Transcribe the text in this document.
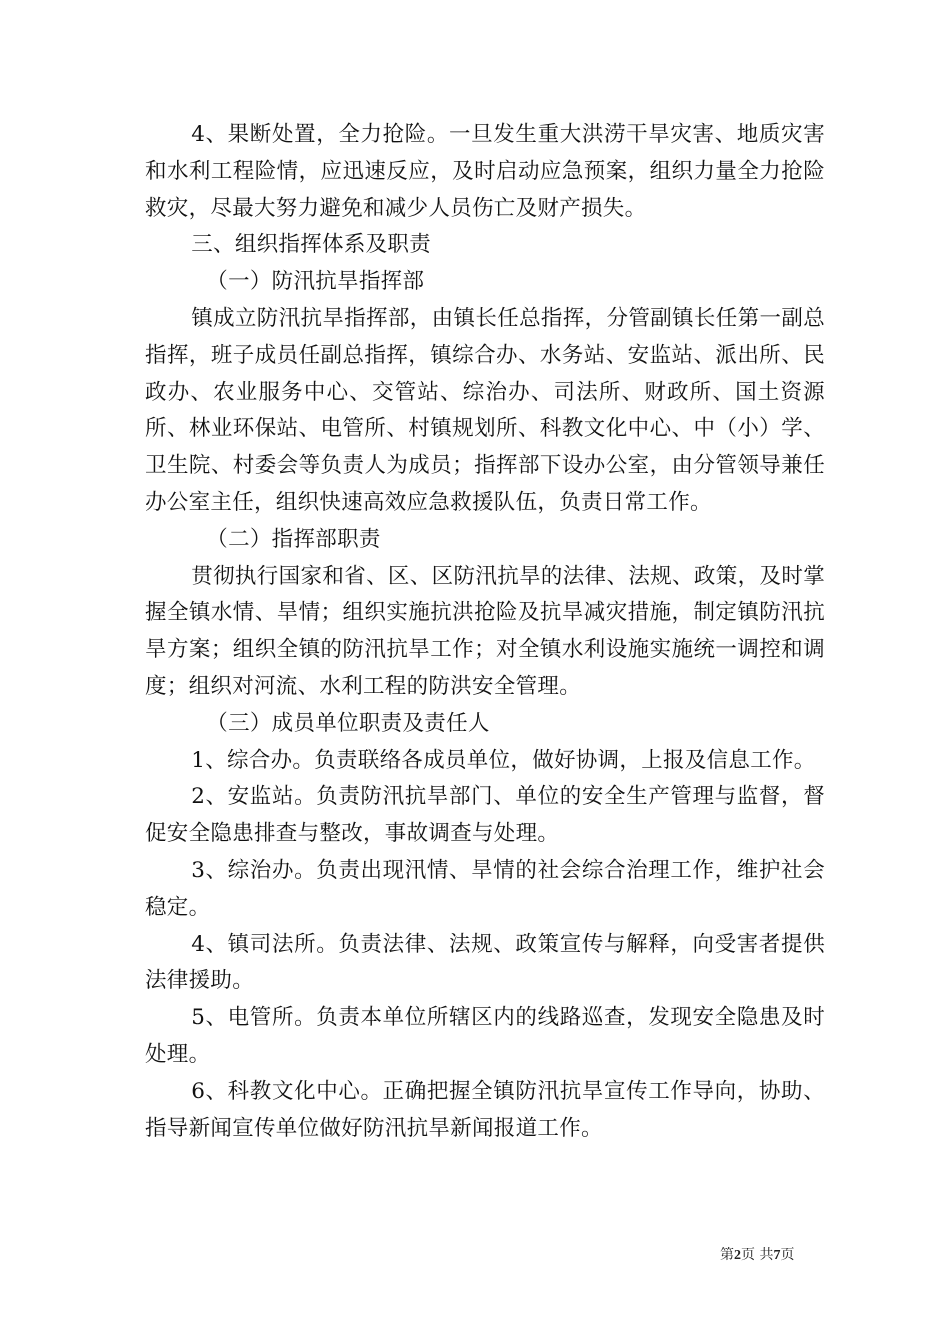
4、果断处置，全力抢险。一旦发生重大洪涝干旱灾害、地质灾害和水利工程险情，应迅速反应，及时启动应急预案，组织力量全力抢险救灾，尽最大努力避免和减少人员伤亡及财产损失。

三、组织指挥体系及职责

（一）防汛抗旱指挥部

镇成立防汛抗旱指挥部，由镇长任总指挥，分管副镇长任第一副总指挥，班子成员任副总指挥，镇综合办、水务站、安监站、派出所、民政办、农业服务中心、交管站、综治办、司法所、财政所、国土资源所、林业环保站、电管所、村镇规划所、科教文化中心、中（小）学、卫生院、村委会等负责人为成员；指挥部下设办公室，由分管领导兼任办公室主任，组织快速高效应急救援队伍，负责日常工作。

（二）指挥部职责

贯彻执行国家和省、区、区防汛抗旱的法律、法规、政策，及时掌握全镇水情、旱情；组织实施抗洪抢险及抗旱减灾措施，制定镇防汛抗旱方案；组织全镇的防汛抗旱工作；对全镇水利设施实施统一调控和调度；组织对河流、水利工程的防洪安全管理。

（三）成员单位职责及责任人

1、综合办。负责联络各成员单位，做好协调，上报及信息工作。

2、安监站。负责防汛抗旱部门、单位的安全生产管理与监督，督促安全隐患排查与整改，事故调查与处理。

3、综治办。负责出现汛情、旱情的社会综合治理工作，维护社会稳定。

4、镇司法所。负责法律、法规、政策宣传与解释，向受害者提供法律援助。

5、电管所。负责本单位所辖区内的线路巡查，发现安全隐患及时处理。

6、科教文化中心。正确把握全镇防汛抗旱宣传工作导向，协助、指导新闻宣传单位做好防汛抗旱新闻报道工作。

第2页 共7页
